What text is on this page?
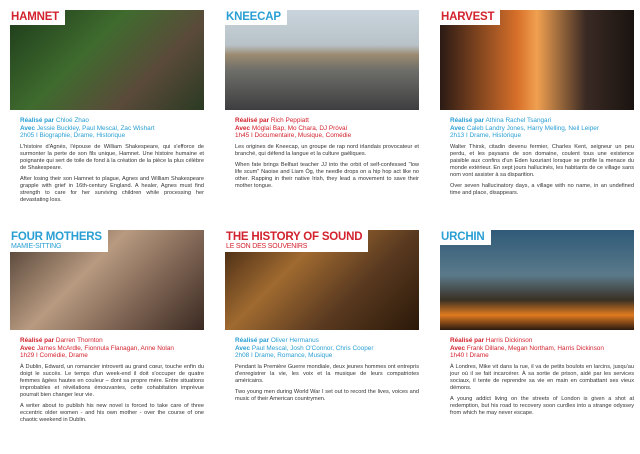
HAMNET
Réalisé par Chloé Zhao
Avec Jessie Buckley, Paul Mescal, Zac Wishart
2h05 I Biographie, Drame, Historique

L'histoire d'Agnès, l'épouse de William Shakespeare, qui s'efforce de surmonter la perte de son fils unique, Hamnet. Une histoire humaine et poignante qui sert de toile de fond à la création de la pièce la plus célèbre de Shakespeare.

After losing their son Hamnet to plague, Agnes and William Shakespeare grapple with grief in 16th-century England. A healer, Agnes must find strength to care for her surviving children while processing her devastating loss.

KNEECAP
Réalisé par Rich Peppiatt
Avec Móglaí Bap, Mo Chara, DJ Próvaí
1h45 I Documentaire, Musique, Comédie

Les origines de Kneecap, un groupe de rap nord irlandais provocateur et branché, qui défend la langue et la culture gaéliques.

When fate brings Belfast teacher JJ into the orbit of self-confessed "low life scum" Naoise and Liam Óg, the needle drops on a hip hop act like no other. Rapping in their native Irish, they lead a movement to save their mother tongue.

HARVEST
Réalisé par Athina Rachel Tsangari
Avec Caleb Landry Jones, Harry Melling, Neil Leiper
2h13 I Drame, Historique

Walter Thirsk, citadin devenu fermier, Charles Kent, seigneur un peu perdu, et les paysans de son domaine, coulent tous une existence paisible aux confins d'un Eden luxuriant lorsque se profile la menace du monde extérieur. En sept jours hallucinés, les habitants de ce village sans nom vont assister à sa disparition.

Over seven hallucinatory days, a village with no name, in an undefined time and place, disappears.

FOUR MOTHERS
MAMIE-SITTING
Réalisé par Darren Thornton
Avec James McArdle, Fionnula Flanagan, Anne Nolan
1h29 I Comédie, Drame

À Dublin, Edward, un romancier introverti au grand cœur, touche enfin du doigt le succès. Le temps d'un week-end il doit s'occuper de quatre femmes âgées hautes en couleur – dont sa propre mère. Entre situations improbables et révélations émouvantes, cette cohabitation imprévue pourrait bien changer leur vie.

A writer about to publish his new novel is forced to take care of three eccentric older women - and his own mother - over the course of one chaotic weekend in Dublin.

THE HISTORY OF SOUND
LE SON DES SOUVENIRS
Réalisé par Oliver Hermanus
Avec Paul Mescal, Josh O'Connor, Chris Cooper
2h08 I Drame, Romance, Musique

Pendant la Première Guerre mondiale, deux jeunes hommes ont entrepris d'enregistrer la vie, les voix et la musique de leurs compatriotes américains.

Two young men during World War I set out to record the lives, voices and music of their American countrymen.

URCHIN
Réalisé par Harris Dickinson
Avec Frank Dillane, Megan Northam, Harris Dickinson
1h40 I Drame

À Londres, Mike vit dans la rue, il va de petits boulots en larcins, jusqu'au jour où il se fait incarcérer. À sa sortie de prison, aidé par les services sociaux, il tente de reprendre sa vie en main en combattant ses vieux démons.

A young addict living on the streets of London is given a shot at redemption, but his road to recovery soon curdles into a strange odyssey from which he may never escape.
